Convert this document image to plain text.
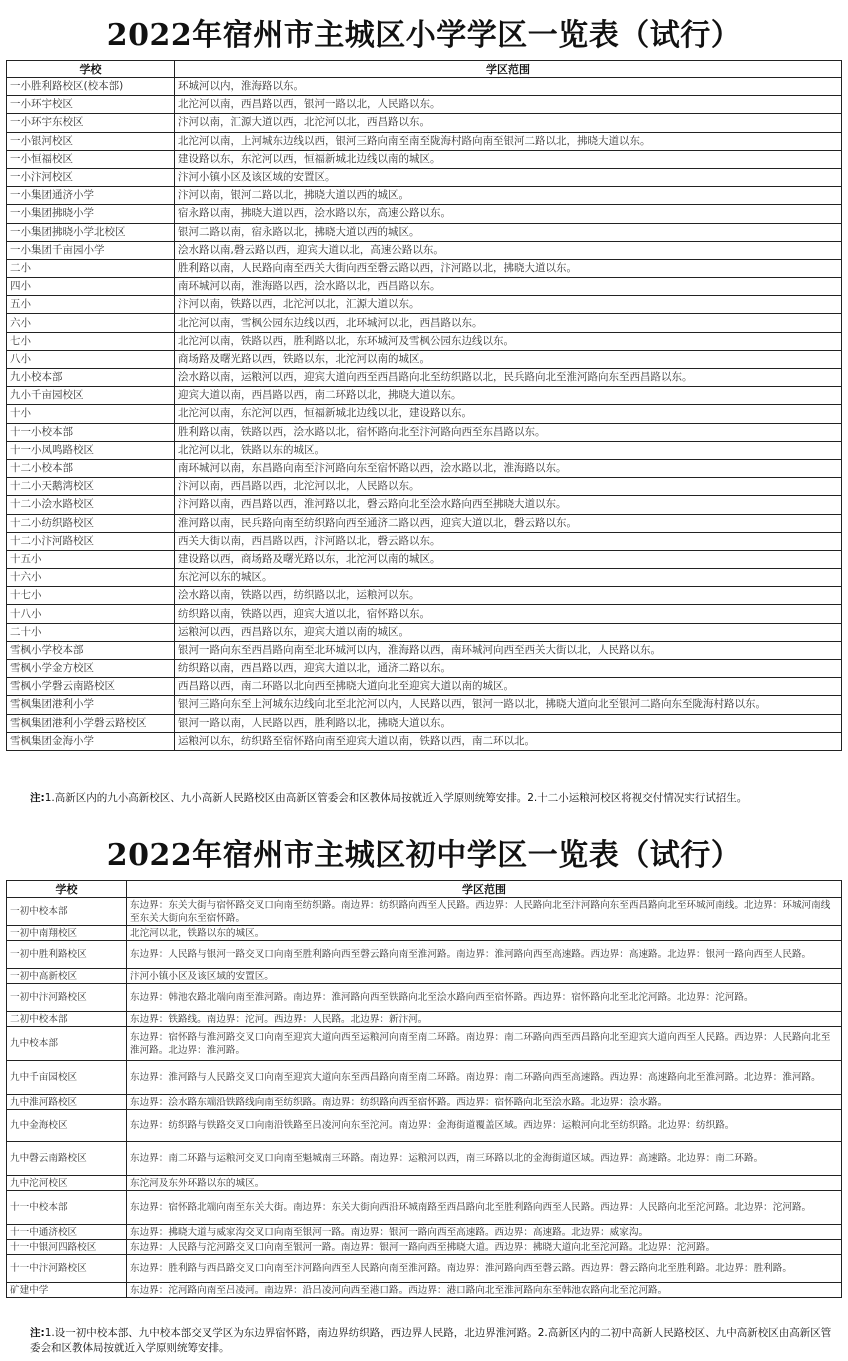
2022年宿州市主城区小学学区一览表（试行）
学校	学区范围
一小胜利路校区(校本部)	环城河以内，淮海路以东。
一小环宇校区	北沱河以南，西昌路以西，银河一路以北，人民路以东。
一小环宇东校区	汴河以南，汇源大道以西，北沱河以北，西昌路以东。
一小银河校区	北沱河以南，上河城东边线以西，银河三路向南至南至陇海村路向南至银河二路以北，拂晓大道以东。
一小恒福校区	建设路以东，东沱河以西，恒福新城北边线以南的城区。
一小汴河校区	汴河小镇小区及该区域的安置区。
一小集团通济小学	汴河以南，银河二路以北，拂晓大道以西的城区。
一小集团拂晓小学	宿永路以南，拂晓大道以西，浍水路以东，高速公路以东。
一小集团拂晓小学北校区	银河二路以南，宿永路以北，拂晓大道以西的城区。
一小集团千亩园小学	浍水路以南,磬云路以西，迎宾大道以北，高速公路以东。
二小	胜利路以南，人民路向南至西关大街向西至磬云路以西，汴河路以北，拂晓大道以东。
四小	南环城河以南，淮海路以西，浍水路以北，西昌路以东。
五小	汴河以南，铁路以西，北沱河以北，汇源大道以东。
六小	北沱河以南，雪枫公园东边线以西，北环城河以北，西昌路以东。
七小	北沱河以南，铁路以西，胜利路以北，东环城河及雪枫公园东边线以东。
八小	商场路及曙光路以西，铁路以东，北沱河以南的城区。
九小校本部	浍水路以南，运粮河以西，迎宾大道向西至西昌路向北至纺织路以北，民兵路向北至淮河路向东至西昌路以东。
九小千亩园校区	迎宾大道以南，西昌路以西，南二环路以北，拂晓大道以东。
十小	北沱河以南，东沱河以西，恒福新城北边线以北，建设路以东。
十一小校本部	胜利路以南，铁路以西，浍水路以北，宿怀路向北至汴河路向西至东昌路以东。
十一小凤鸣路校区	北沱河以北，铁路以东的城区。
十二小校本部	南环城河以南，东昌路向南至汴河路向东至宿怀路以西，浍水路以北，淮海路以东。
十二小天鹅湾校区	汴河以南，西昌路以西，北沱河以北，人民路以东。
十二小浍水路校区	汴河路以南，西昌路以西，淮河路以北，磬云路向北至浍水路向西至拂晓大道以东。
十二小纺织路校区	淮河路以南，民兵路向南至纺织路向西至通济二路以西，迎宾大道以北，磬云路以东。
十二小汴河路校区	西关大街以南，西昌路以西，汴河路以北，磬云路以东。
十五小	建设路以西，商场路及曙光路以东，北沱河以南的城区。
十六小	东沱河以东的城区。
十七小	浍水路以南，铁路以西，纺织路以北，运粮河以东。
十八小	纺织路以南，铁路以西，迎宾大道以北，宿怀路以东。
二十小	运粮河以西，西昌路以东，迎宾大道以南的城区。
雪枫小学校本部	银河一路向东至西昌路向南至北环城河以内，淮海路以西，南环城河向西至西关大街以北，人民路以东。
雪枫小学金方校区	纺织路以南，西昌路以西，迎宾大道以北，通济二路以东。
雪枫小学磬云南路校区	西昌路以西，南二环路以北向西至拂晓大道向北至迎宾大道以南的城区。
雪枫集团港利小学	银河三路向东至上河城东边线向北至北沱河以内，人民路以西，银河一路以北，拂晓大道向北至银河二路向东至陇海村路以东。
雪枫集团港利小学磬云路校区	银河一路以南，人民路以西，胜利路以北，拂晓大道以东。
雪枫集团金海小学	运粮河以东，纺织路至宿怀路向南至迎宾大道以南，铁路以西，南二环以北。
注:1.高新区内的九小高新校区、九小高新人民路校区由高新区管委会和区教体局按就近入学原则统筹安排。2.十二小运粮河校区将视交付情况实行试招生。
2022年宿州市主城区初中学区一览表（试行）
学校	学区范围
一初中校本部	东边界：东关大街与宿怀路交叉口向南至纺织路。南边界：纺织路向西至人民路。西边界：人民路向北至汴河路向东至西昌路向北至环城河南线。北边界：环城河南线至东关大街向东至宿怀路。
一初中南翔校区	北沱河以北，铁路以东的城区。
一初中胜利路校区	东边界：人民路与银河一路交叉口向南至胜利路向西至磬云路向南至淮河路。南边界：淮河路向西至高速路。西边界：高速路。北边界：银河一路向西至人民路。
一初中高新校区	汴河小镇小区及该区域的安置区。
一初中汴河路校区	东边界：韩池农路北端向南至淮河路。南边界：淮河路向西至铁路向北至浍水路向西至宿怀路。西边界：宿怀路向北至北沱河路。北边界：沱河路。
二初中校本部	东边界：铁路线。南边界：沱河。西边界：人民路。北边界：新汴河。
九中校本部	东边界：宿怀路与淮河路交叉口向南至迎宾大道向西至运粮河向南至南二环路。南边界：南二环路向西至西昌路向北至迎宾大道向西至人民路。西边界：人民路向北至淮河路。北边界：淮河路。
九中千亩园校区	东边界：淮河路与人民路交叉口向南至迎宾大道向东至西昌路向南至南二环路。南边界：南二环路向西至高速路。西边界：高速路向北至淮河路。北边界：淮河路。
九中淮河路校区	东边界：浍水路东端沿铁路线向南至纺织路。南边界：纺织路向西至宿怀路。西边界：宿怀路向北至浍水路。北边界：浍水路。
九中金海校区	东边界：纺织路与铁路交叉口向南沿铁路至吕凌河向东至沱河。南边界：金海街道覆盖区域。西边界：运粮河向北至纺织路。北边界：纺织路。
九中磬云南路校区	东边界：南二环路与运粮河交叉口向南至魁城南三环路。南边界：运粮河以西，南三环路以北的金海街道区域。西边界：高速路。北边界：南二环路。
九中沱河校区	东沱河及东外环路以东的城区。
十一中校本部	东边界：宿怀路北端向南至东关大街。南边界：东关大街向西沿环城南路至西昌路向北至胜利路向西至人民路。西边界：人民路向北至沱河路。北边界：沱河路。
十一中通济校区	东边界：拂晓大道与威家沟交叉口向南至银河一路。南边界：银河一路向西至高速路。西边界：高速路。北边界：威家沟。
十一中银河四路校区	东边界：人民路与沱河路交叉口向南至银河一路。南边界：银河一路向西至拂晓大道。西边界：拂晓大道向北至沱河路。北边界：沱河路。
十一中汴河路校区	东边界：胜利路与西昌路交叉口向南至汴河路向西至人民路向南至淮河路。南边界：淮河路向西至磬云路。西边界：磬云路向北至胜利路。北边界：胜利路。
矿建中学	东边界：沱河路向南至吕凌河。南边界：沿吕凌河向西至港口路。西边界：港口路向北至淮河路向东至韩池农路向北至沱河路。
注:1.设一初中校本部、九中校本部交叉学区为东边界宿怀路，南边界纺织路，西边界人民路，北边界淮河路。2.高新区内的二初中高新人民路校区、九中高新校区由高新区管委会和区教体局按就近入学原则统筹安排。
